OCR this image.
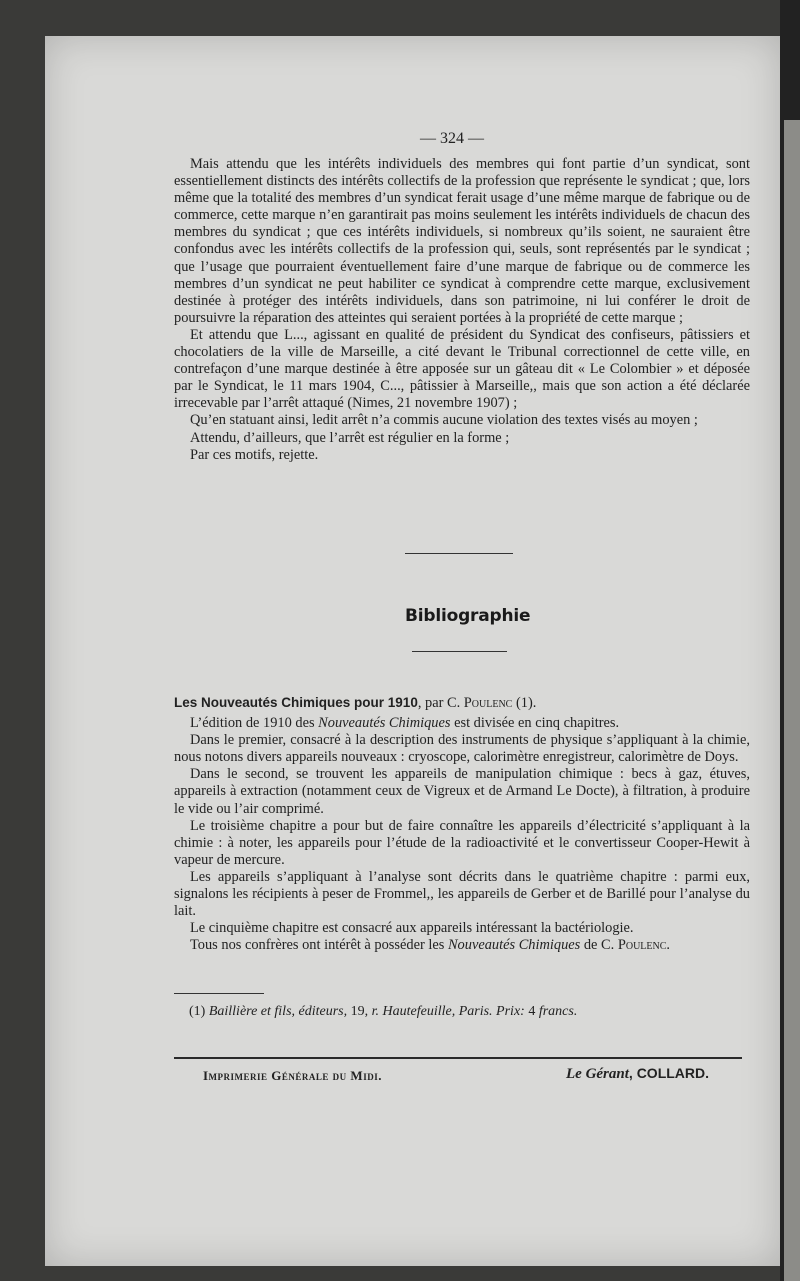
— 324 —

Mais attendu que les intérêts individuels des membres qui font partie d’un syndicat, sont essentiellement distincts des intérêts collectifs de la profession que représente le syndicat ; que, lors même que la totalité des membres d’un syndicat ferait usage d’une même marque de fabrique ou de commerce, cette marque n’en garantirait pas moins seulement les intérêts individuels de chacun des membres du syndicat ; que ces intérêts individuels, si nombreux qu’ils soient, ne sauraient être confondus avec les intérêts collectifs de la profession qui, seuls, sont représentés par le syndicat ; que l’usage que pourraient éventuellement faire d’une marque de fabrique ou de commerce les membres d’un syndicat ne peut habiliter ce syndicat à comprendre cette marque, exclusivement destinée à protéger des intérêts individuels, dans son patrimoine, ni lui conférer le droit de poursuivre la réparation des atteintes qui seraient portées à la propriété de cette marque ;

Et attendu que L..., agissant en qualité de président du Syndicat des confiseurs, pâtissiers et chocolatiers de la ville de Marseille, a cité devant le Tribunal correctionnel de cette ville, en contrefaçon d’une marque destinée à être apposée sur un gâteau dit « Le Colombier » et déposée par le Syndicat, le 11 mars 1904, C..., pâtissier à Marseille,, mais que son action a été déclarée irrecevable par l’arrêt attaqué (Nimes, 21 novembre 1907) ;

Qu’en statuant ainsi, ledit arrêt n’a commis aucune violation des textes visés au moyen ;

Attendu, d’ailleurs, que l’arrêt est régulier en la forme ;

Par ces motifs, rejette.

Bibliographie

Les Nouveautés Chimiques pour 1910, par C. Poulenc (1).

L’édition de 1910 des Nouveautés Chimiques est divisée en cinq chapitres.

Dans le premier, consacré à la description des instruments de physique s’appliquant à la chimie, nous notons divers appareils nouveaux : cryoscope, calorimètre enregistreur, calorimètre de Doys.

Dans le second, se trouvent les appareils de manipulation chimique : becs à gaz, étuves, appareils à extraction (notamment ceux de Vigreux et de Armand Le Docte), à filtration, à produire le vide ou l’air comprimé.

Le troisième chapitre a pour but de faire connaître les appareils d’électricité s’appliquant à la chimie : à noter, les appareils pour l’étude de la radioactivité et le convertisseur Cooper-Hewit à vapeur de mercure.

Les appareils s’appliquant à l’analyse sont décrits dans le quatrième chapitre : parmi eux, signalons les récipients à peser de Frommel,, les appareils de Gerber et de Barillé pour l’analyse du lait.

Le cinquième chapitre est consacré aux appareils intéressant la bactériologie.

Tous nos confrères ont intérêt à posséder les Nouveautés Chimiques de C. Poulenc.

(1) Baillière et fils, éditeurs, 19, r. Hautefeuille, Paris. Prix: 4 francs.
Imprimerie Générale du Midi.	Le Gérant, COLLARD.
